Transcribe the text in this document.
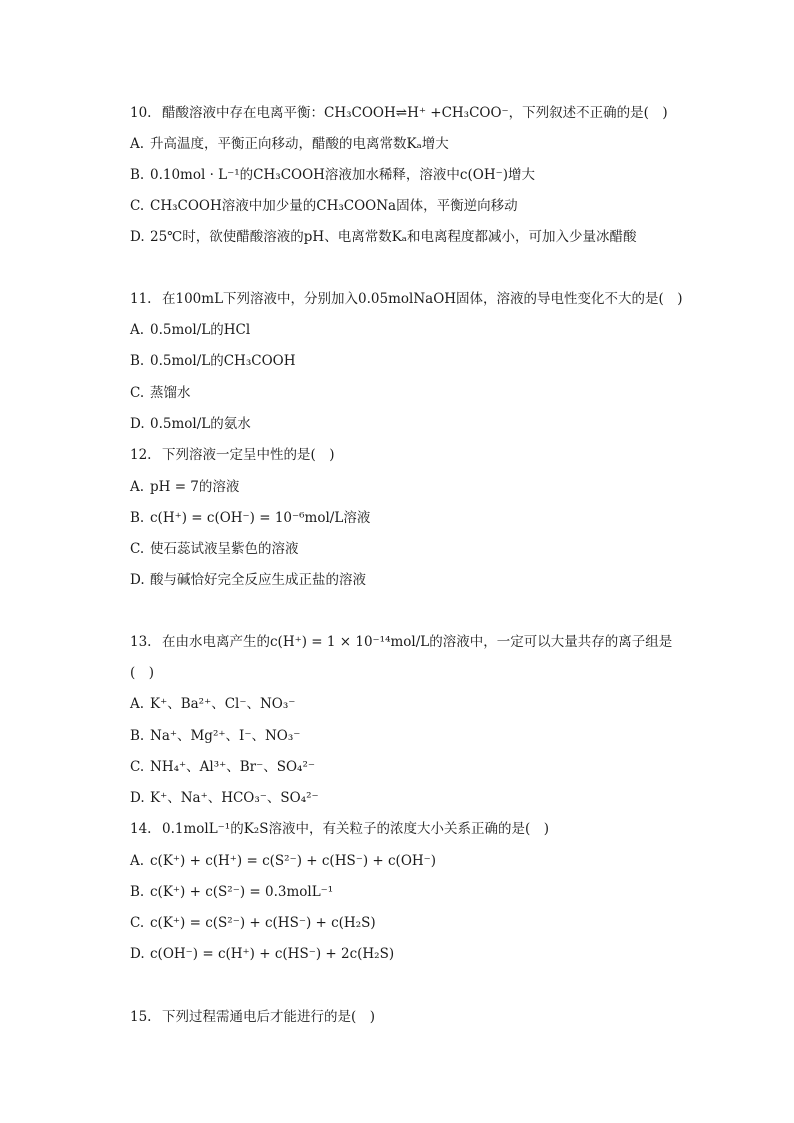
10. 醋酸溶液中存在电离平衡：CH₃COOH⇌H⁺ +CH₃COO⁻，下列叙述不正确的是(　)
A. 升高温度，平衡正向移动，醋酸的电离常数Kₐ增大
B. 0.10mol · L⁻¹的CH₃COOH溶液加水稀释，溶液中c(OH⁻)增大
C. CH₃COOH溶液中加少量的CH₃COONa固体，平衡逆向移动
D. 25℃时，欲使醋酸溶液的pH、电离常数Kₐ和电离程度都减小，可加入少量冰醋酸
11. 在100mL下列溶液中，分别加入0.05molNaOH固体，溶液的导电性变化不大的是(　)
A. 0.5mol/L的HCl
B. 0.5mol/L的CH₃COOH
C. 蒸馏水
D. 0.5mol/L的氨水
12. 下列溶液一定呈中性的是(　)
A. pH = 7的溶液
B. c(H⁺) = c(OH⁻) = 10⁻⁶mol/L溶液
C. 使石蕊试液呈紫色的溶液
D. 酸与碱恰好完全反应生成正盐的溶液
13. 在由水电离产生的c(H⁺) = 1 × 10⁻¹⁴mol/L的溶液中，一定可以大量共存的离子组是
(　)
A. K⁺、Ba²⁺、Cl⁻、NO₃⁻
B. Na⁺、Mg²⁺、I⁻、NO₃⁻
C. NH₄⁺、Al³⁺、Br⁻、SO₄²⁻
D. K⁺、Na⁺、HCO₃⁻、SO₄²⁻
14. 0.1molL⁻¹的K₂S溶液中，有关粒子的浓度大小关系正确的是(　)
A. c(K⁺) + c(H⁺) = c(S²⁻) + c(HS⁻) + c(OH⁻)
B. c(K⁺) + c(S²⁻) = 0.3molL⁻¹
C. c(K⁺) = c(S²⁻) + c(HS⁻) + c(H₂S)
D. c(OH⁻) = c(H⁺) + c(HS⁻) + 2c(H₂S)
15. 下列过程需通电后才能进行的是(　)
